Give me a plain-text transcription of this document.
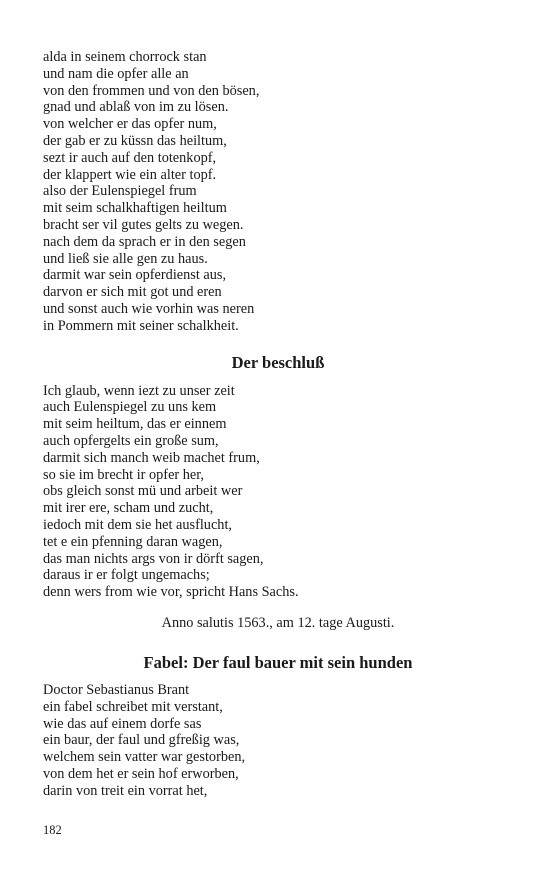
alda in seinem chorrock stan
und nam die opfer alle an
von den frommen und von den bösen,
gnad und ablaß von im zu lösen.
von welcher er das opfer num,
der gab er zu küssn das heiltum,
sezt ir auch auf den totenkopf,
der klappert wie ein alter topf.
also der Eulenspiegel frum
mit seim schalkhaftigen heiltum
bracht ser vil gutes gelts zu wegen.
nach dem da sprach er in den segen
und ließ sie alle gen zu haus.
darmit war sein opferdienst aus,
darvon er sich mit got und eren
und sonst auch wie vorhin was neren
in Pommern mit seiner schalkheit.
Der beschluß
Ich glaub, wenn iezt zu unser zeit
auch Eulenspiegel zu uns kem
mit seim heiltum, das er einnem
auch opfergelts ein große sum,
darmit sich manch weib machet frum,
so sie im brecht ir opfer her,
obs gleich sonst mü und arbeit wer
mit irer ere, scham und zucht,
iedoch mit dem sie het ausflucht,
tet e ein pfenning daran wagen,
das man nichts args von ir dörft sagen,
daraus ir er folgt ungemachs;
denn wers from wie vor, spricht Hans Sachs.
Anno salutis 1563., am 12. tage Augusti.
Fabel: Der faul bauer mit sein hunden
Doctor Sebastianus Brant
ein fabel schreibet mit verstant,
wie das auf einem dorfe sas
ein baur, der faul und gfreßig was,
welchem sein vatter war gestorben,
von dem het er sein hof erworben,
darin von treit ein vorrat het,
182
